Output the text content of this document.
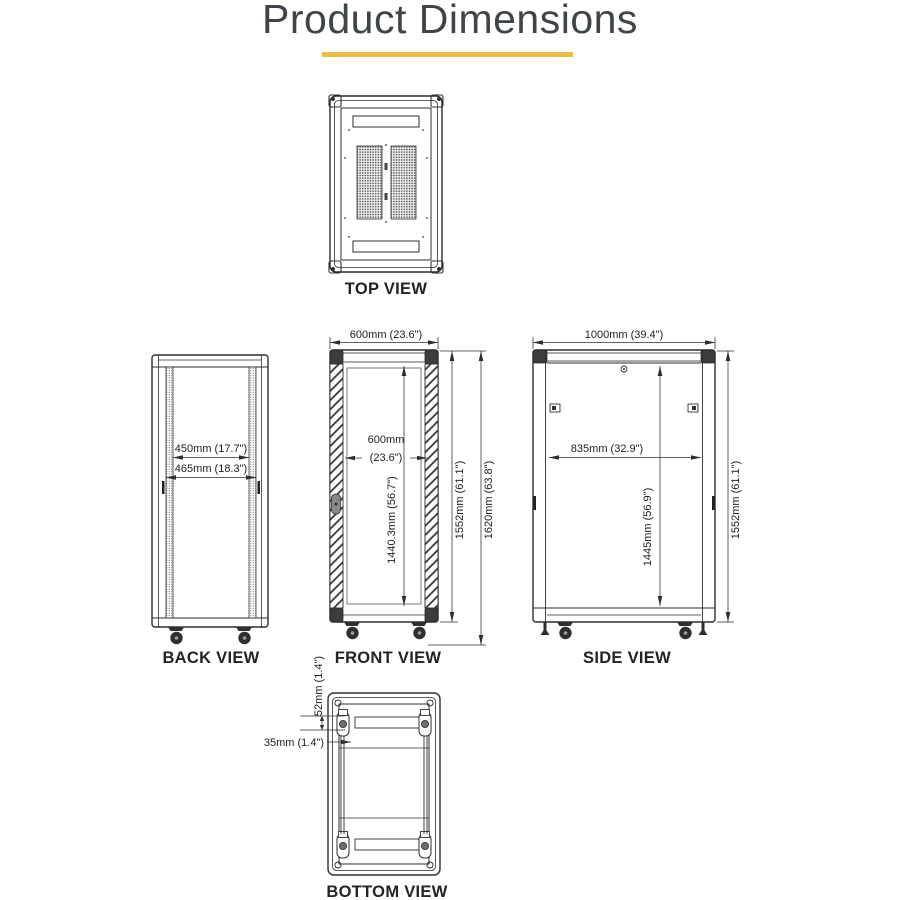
Product Dimensions
TOP VIEW
450mm (17.7")
465mm (18.3")
BACK VIEW
600mm (23.6")
600mm
(23.6")
1440.3mm (56.7")	1552mm (61.1") 1620mm (63.8")
FRONT VIEW
1000mm (39.4")
835mm (32.9")
1445mm (56.9")	1552mm (61.1")
SIDE VIEW
52mm (1.4")
35mm (1.4")
BOTTOM VIEW
